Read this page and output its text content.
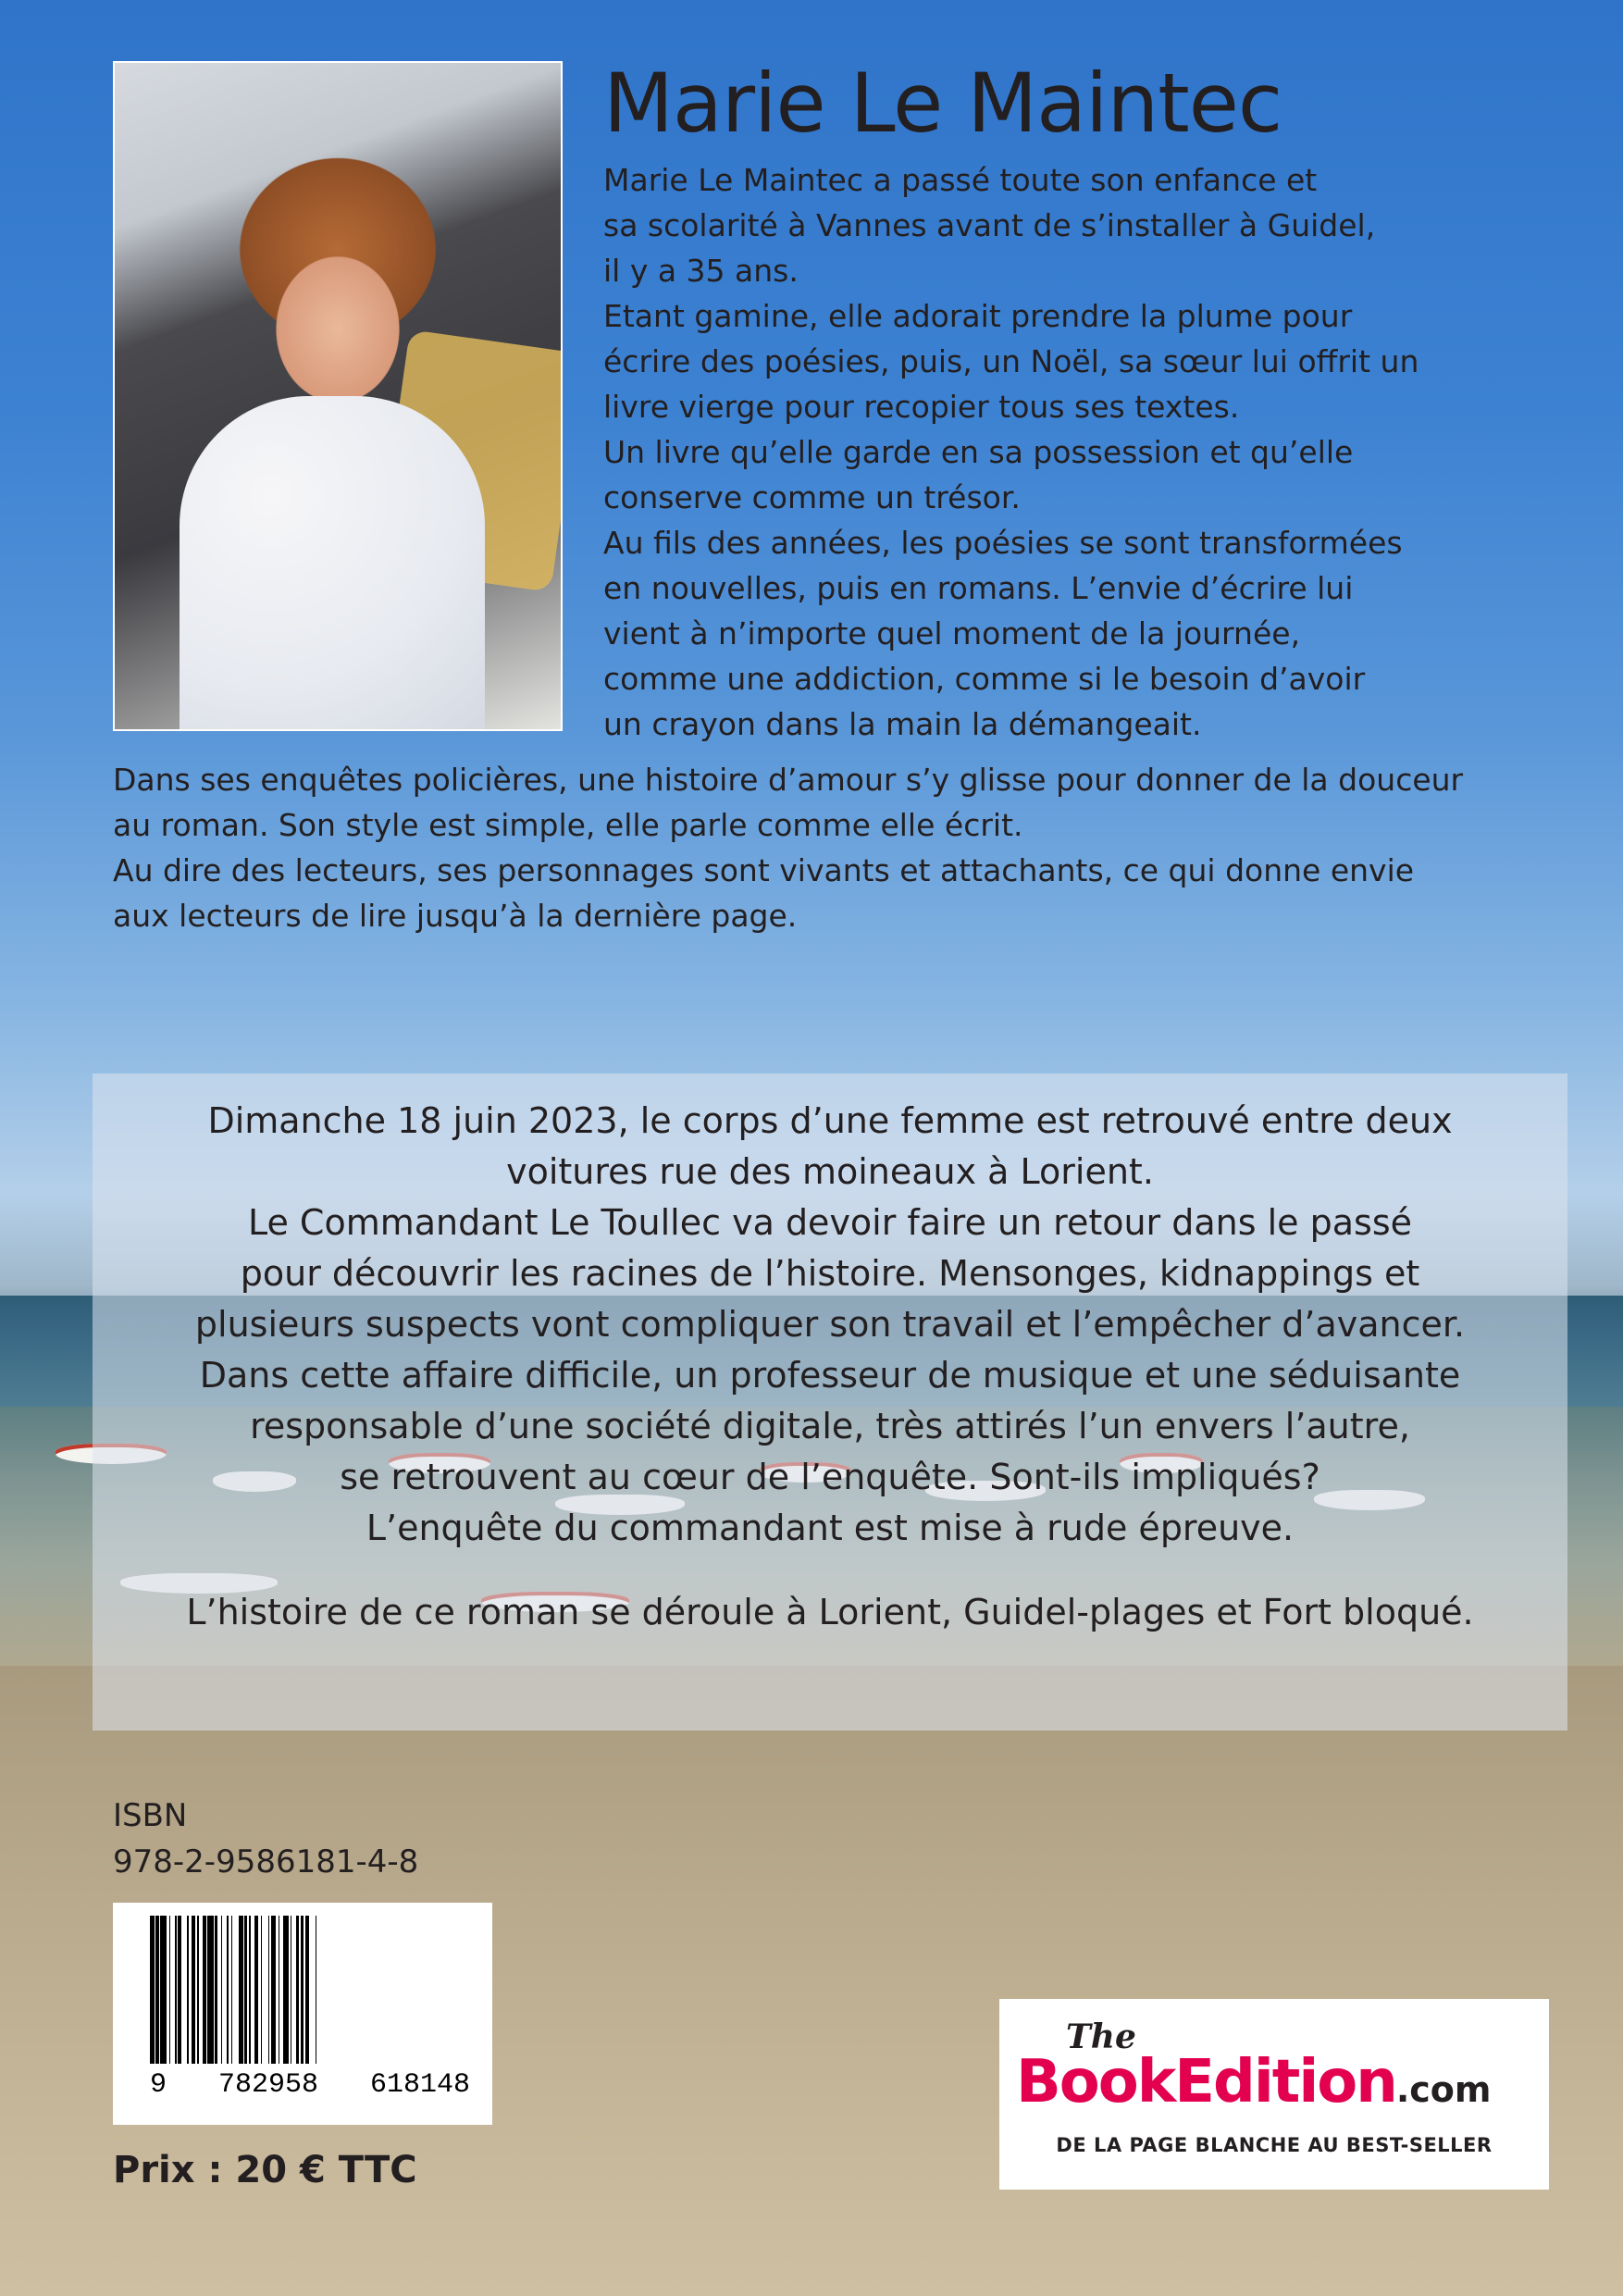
Marie Le Maintec

Marie Le Maintec a passé toute son enfance et
sa scolarité à Vannes avant de s’installer à Guidel,
il y a 35 ans.
Etant gamine, elle adorait prendre la plume pour
écrire des poésies, puis, un Noël, sa sœur lui offrit un
livre vierge pour recopier tous ses textes.
Un livre qu’elle garde en sa possession et qu’elle
conserve comme un trésor.
Au fils des années, les poésies se sont transformées
en nouvelles, puis en romans. L’envie d’écrire lui
vient à n’importe quel moment de la journée,
comme une addiction, comme si le besoin d’avoir
un crayon dans la main la démangeait.

Dans ses enquêtes policières, une histoire d’amour s’y glisse pour donner de la douceur
au roman. Son style est simple, elle parle comme elle écrit.
Au dire des lecteurs, ses personnages sont vivants et attachants, ce qui donne envie
aux lecteurs de lire jusqu’à la dernière page.

Dimanche 18 juin 2023, le corps d’une femme est retrouvé entre deux
voitures rue des moineaux à Lorient.
Le Commandant Le Toullec va devoir faire un retour dans le passé
pour découvrir les racines de l’histoire. Mensonges, kidnappings et
plusieurs suspects vont compliquer son travail et l’empêcher d’avancer.
Dans cette affaire difficile, un professeur de musique et une séduisante
responsable d’une société digitale, très attirés l’un envers l’autre,
se retrouvent au cœur de l’enquête. Sont-ils impliqués?
L’enquête du commandant est mise à rude épreuve.

L’histoire de ce roman se déroule à Lorient, Guidel-plages et Fort bloqué.

ISBN
978-2-9586181-4-8
9 782958 618148
Prix : 20 € TTC
The
BookEdition.com
DE LA PAGE BLANCHE AU BEST-SELLER
